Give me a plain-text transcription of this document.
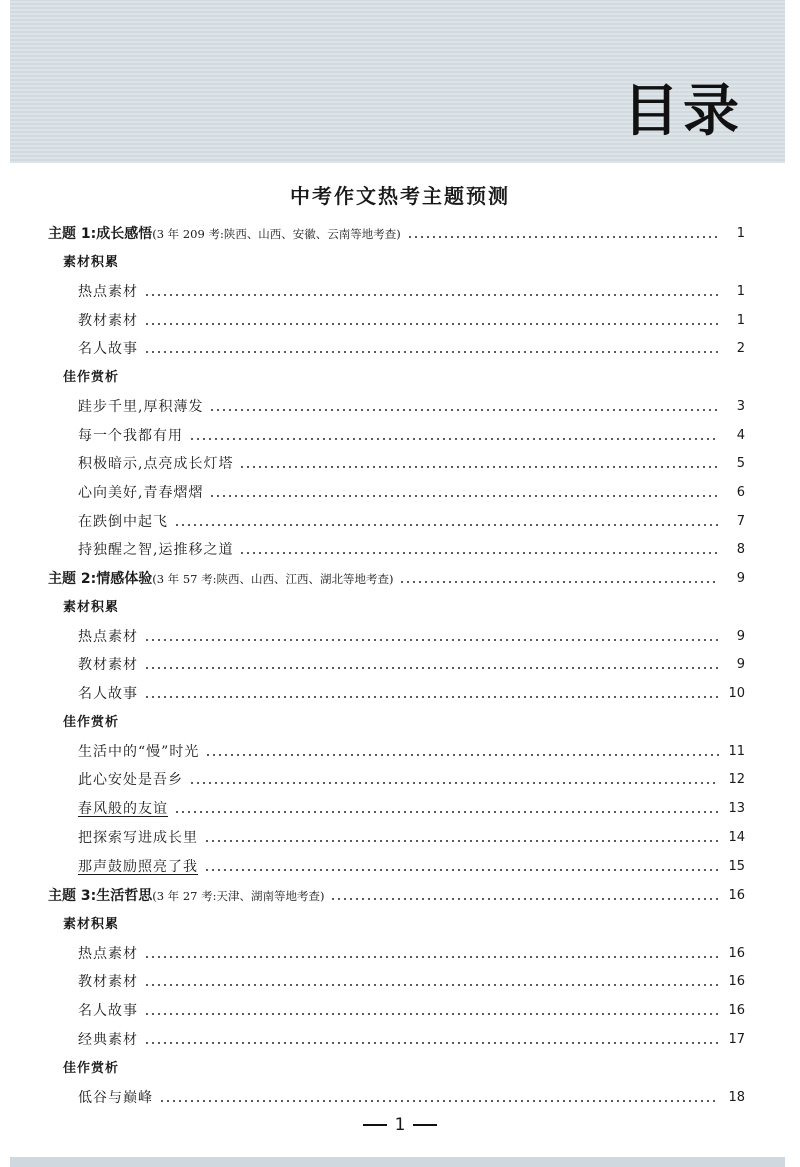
目录
中考作文热考主题预测
主题 1:成长感悟 (3 年 209 考:陕西、山西、安徽、云南等地考查)	1
素材积累
热点素材	1
教材素材	1
名人故事	2
佳作赏析
跬步千里,厚积薄发	3
每一个我都有用	4
积极暗示,点亮成长灯塔	5
心向美好,青春熠熠	6
在跌倒中起飞	7
持独醒之智,运推移之道	8
主题 2:情感体验 (3 年 57 考:陕西、山西、江西、湖北等地考查)	9
素材积累
热点素材	9
教材素材	9
名人故事	10
佳作赏析
生活中的“慢”时光	11
此心安处是吾乡	12
春风般的友谊	13
把探索写进成长里	14
那声鼓励照亮了我	15
主题 3:生活哲思 (3 年 27 考:天津、湖南等地考查)	16
素材积累
热点素材	16
教材素材	16
名人故事	16
经典素材	17
佳作赏析
低谷与巅峰	18
1
